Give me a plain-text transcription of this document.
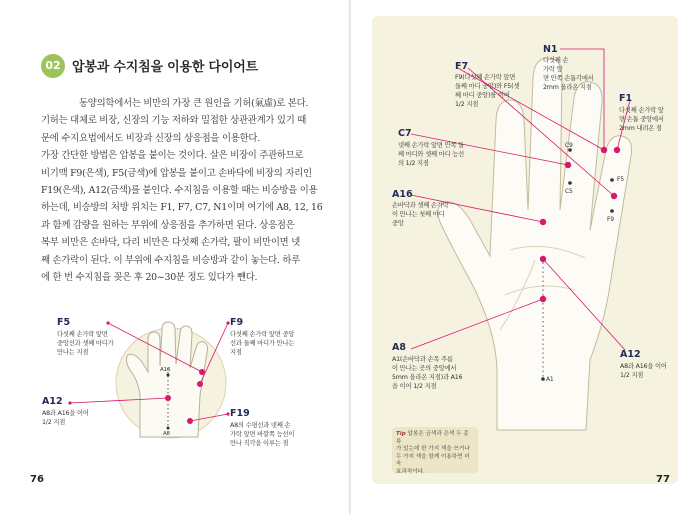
02 압봉과 수지침을 이용한 다이어트

동양의학에서는 비만의 가장 큰 원인을 기허(氣虛)로 본다.

기허는 대체로 비장, 신장의 기능 저하와 밀접한 상관관계가 있기 때

문에 수지요법에서도 비장과 신장의 상응점을 이용한다.

가장 간단한 방법은 압봉을 붙이는 것이다. 살은 비장이 주관하므로

비기맥 F9(은색), F5(금색)에 압봉을 붙이고 손바닥에 비장의 자리인

F19(은색), A12(금색)를 붙인다. 수지침을 이용할 때는 비승방을 이용

하는데, 비승방의 처방 위치는 F1, F7, C7, N1이며 여기에 A8, 12, 16

과 함께 감량을 원하는 부위에 상응점을 추가하면 된다. 상응점은

복부 비만은 손바닥, 다리 비만은 다섯째 손가락, 팔이 비만이면 넷

째 손가락이 된다. 이 부위에 수지침을 비승방과 같이 놓는다. 하루

에 한 번 수지침을 꽂은 후 20~30분 정도 있다가 뺀다.

F5
다섯째 손가락 앞면
중앙선과 셋째 마디가
만나는 지점
F9
다섯째 손가락 앞면 중앙
선과 둘째 마디가 만나는
지점
A12
A8과 A16을 이어
1/2 지점
F19
A8의 수평선과 넷째 손
가락 앞면 바깥쪽 능선이
만나 직각을 이루는 점
A16
A8
76
N1
다섯째 손
가락 앞
면 안쪽 손톱각에서
2mm 올라온 지점
F7
F9(다섯째 손가락 앞면
둘째 마디 중앙)와 F5(셋
째 마디 중앙)를 이어
1/2 지점
F1
다섯째 손가락 앞
면 손톱 중앙에서
2mm 내려온 점
C7
넷째 손가락 앞면 안쪽 둘
째 마디와 셋째 마디 능선
의 1/2 지점
A16
손바닥과 셋째 손가락
이 만나는 첫째 마디
중앙
A8
A1(손바닥과 손목 주름
이 만나는 곳의 중앙에서
5mm 올라온 지점)과 A16
을 이어 1/2 지점
A12
A8과 A16을 이어
1/2 지점
C9
C5
F5
F9
A1
Tip 압봉은 금색과 은색 두 종류
가 있는데 한 가지 색을 쓰거나
두 가지 색을 함께 이용하면 더욱
효과적이다.
77
